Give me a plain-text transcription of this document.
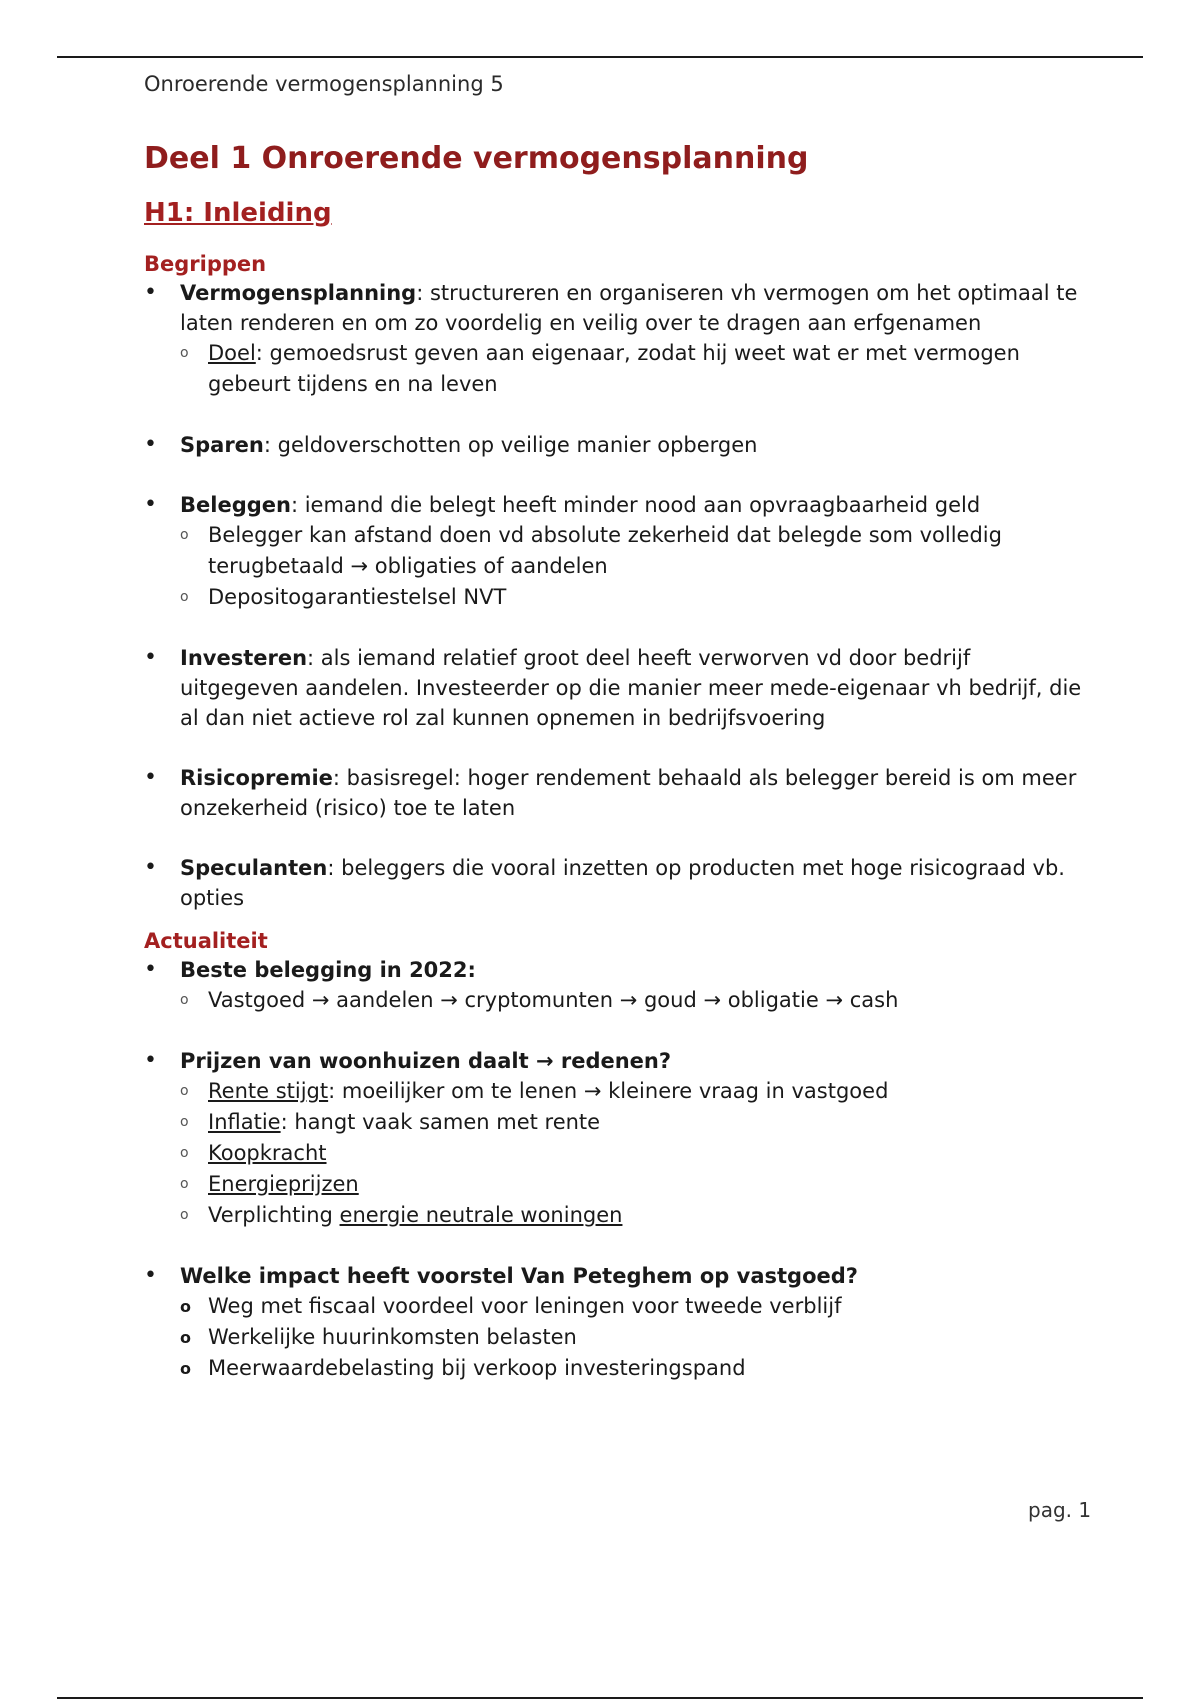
Onroerende vermogensplanning 5
Deel 1 Onroerende vermogensplanning
H1: Inleiding
Begrippen
•	Vermogensplanning: structureren en organiseren vh vermogen om het optimaal te laten renderen en om zo voordelig en veilig over te dragen aan erfgenamen
o Doel: gemoedsrust geven aan eigenaar, zodat hij weet wat er met vermogen gebeurt tijdens en na leven
•	Sparen: geldoverschotten op veilige manier opbergen
•	Beleggen: iemand die belegt heeft minder nood aan opvraagbaarheid geld
o Belegger kan afstand doen vd absolute zekerheid dat belegde som volledig terugbetaald → obligaties of aandelen
o Depositogarantiestelsel NVT
•	Investeren: als iemand relatief groot deel heeft verworven vd door bedrijf uitgegeven aandelen. Investeerder op die manier meer mede-eigenaar vh bedrijf, die al dan niet actieve rol zal kunnen opnemen in bedrijfsvoering
•	Risicopremie: basisregel: hoger rendement behaald als belegger bereid is om meer onzekerheid (risico) toe te laten
•	Speculanten: beleggers die vooral inzetten op producten met hoge risicograad vb. opties
Actualiteit
•	Beste belegging in 2022:
o Vastgoed → aandelen → cryptomunten → goud → obligatie → cash
•	Prijzen van woonhuizen daalt → redenen?
o Rente stijgt: moeilijker om te lenen → kleinere vraag in vastgoed
o Inflatie: hangt vaak samen met rente
o Koopkracht
o Energieprijzen
o Verplichting energie neutrale woningen
•	Welke impact heeft voorstel Van Peteghem op vastgoed?
o Weg met fiscaal voordeel voor leningen voor tweede verblijf
o Werkelijke huurinkomsten belasten
o Meerwaardebelasting bij verkoop investeringspand
pag. 1
